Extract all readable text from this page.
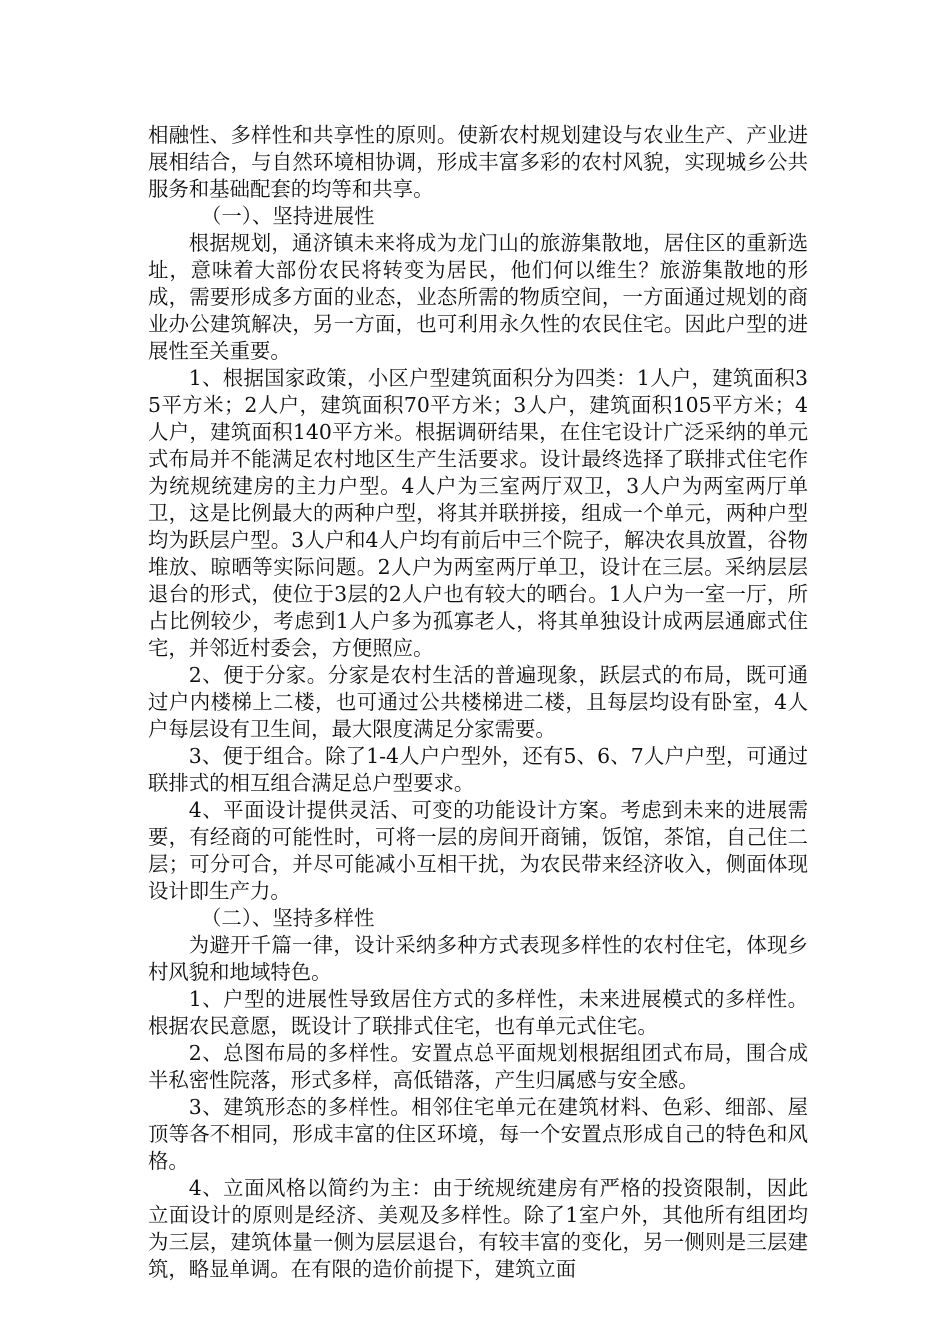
相融性、多样性和共享性的原则。使新农村规划建设与农业生产、产业进展相结合，与自然环境相协调，形成丰富多彩的农村风貌，实现城乡公共服务和基础配套的均等和共享。

（一）、坚持进展性

根据规划，通济镇未来将成为龙门山的旅游集散地，居住区的重新选址，意味着大部份农民将转变为居民，他们何以维生？旅游集散地的形成，需要形成多方面的业态，业态所需的物质空间，一方面通过规划的商业办公建筑解决，另一方面，也可利用永久性的农民住宅。因此户型的进展性至关重要。

1、根据国家政策，小区户型建筑面积分为四类：1人户，建筑面积35平方米；2人户，建筑面积70平方米；3人户，建筑面积105平方米；4人户，建筑面积140平方米。根据调研结果，在住宅设计广泛采纳的单元式布局并不能满足农村地区生产生活要求。设计最终选择了联排式住宅作为统规统建房的主力户型。4人户为三室两厅双卫，3人户为两室两厅单卫，这是比例最大的两种户型，将其并联拼接，组成一个单元，两种户型均为跃层户型。3人户和4人户均有前后中三个院子，解决农具放置，谷物堆放、晾晒等实际问题。2人户为两室两厅单卫，设计在三层。采纳层层退台的形式，使位于3层的2人户也有较大的晒台。1人户为一室一厅，所占比例较少，考虑到1人户多为孤寡老人，将其单独设计成两层通廊式住宅，并邻近村委会，方便照应。

2、便于分家。分家是农村生活的普遍现象，跃层式的布局，既可通过户内楼梯上二楼，也可通过公共楼梯进二楼，且每层均设有卧室，4人户每层设有卫生间，最大限度满足分家需要。

3、便于组合。除了1-4人户户型外，还有5、6、7人户户型，可通过联排式的相互组合满足总户型要求。

4、平面设计提供灵活、可变的功能设计方案。考虑到未来的进展需要，有经商的可能性时，可将一层的房间开商铺，饭馆，茶馆，自己住二层；可分可合，并尽可能减小互相干扰，为农民带来经济收入，侧面体现设计即生产力。

（二）、坚持多样性

为避开千篇一律，设计采纳多种方式表现多样性的农村住宅，体现乡村风貌和地域特色。

1、户型的进展性导致居住方式的多样性，未来进展模式的多样性。根据农民意愿，既设计了联排式住宅，也有单元式住宅。

2、总图布局的多样性。安置点总平面规划根据组团式布局，围合成半私密性院落，形式多样，高低错落，产生归属感与安全感。

3、建筑形态的多样性。相邻住宅单元在建筑材料、色彩、细部、屋顶等各不相同，形成丰富的住区环境，每一个安置点形成自己的特色和风格。

4、立面风格以简约为主：由于统规统建房有严格的投资限制，因此立面设计的原则是经济、美观及多样性。除了1室户外，其他所有组团均为三层，建筑体量一侧为层层退台，有较丰富的变化，另一侧则是三层建筑，略显单调。在有限的造价前提下，建筑立面
